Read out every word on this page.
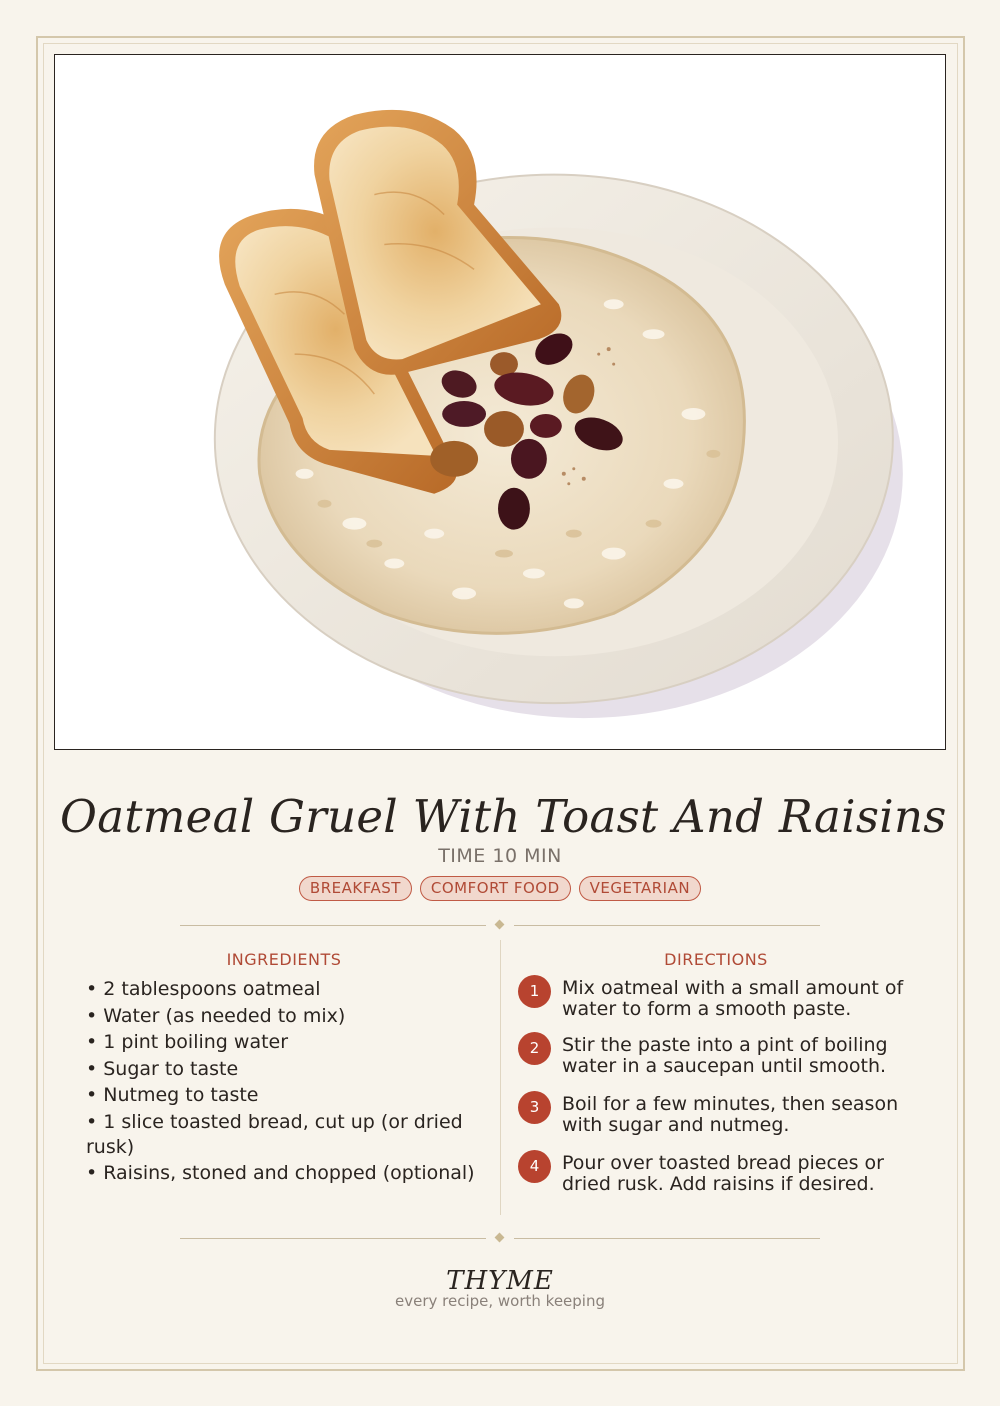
Oatmeal Gruel With Toast And Raisins
TIME 10 MIN
BREAKFAST	COMFORT FOOD	VEGETARIAN
INGREDIENTS
• 2 tablespoons oatmeal
• Water (as needed to mix)
• 1 pint boiling water
• Sugar to taste
• Nutmeg to taste
• 1 slice toasted bread, cut up (or dried rusk)
• Raisins, stoned and chopped (optional)
DIRECTIONS
1	Mix oatmeal with a small amount of water to form a smooth paste.
2	Stir the paste into a pint of boiling water in a saucepan until smooth.
3	Boil for a few minutes, then season with sugar and nutmeg.
4	Pour over toasted bread pieces or dried rusk. Add raisins if desired.
THYME
every recipe, worth keeping
